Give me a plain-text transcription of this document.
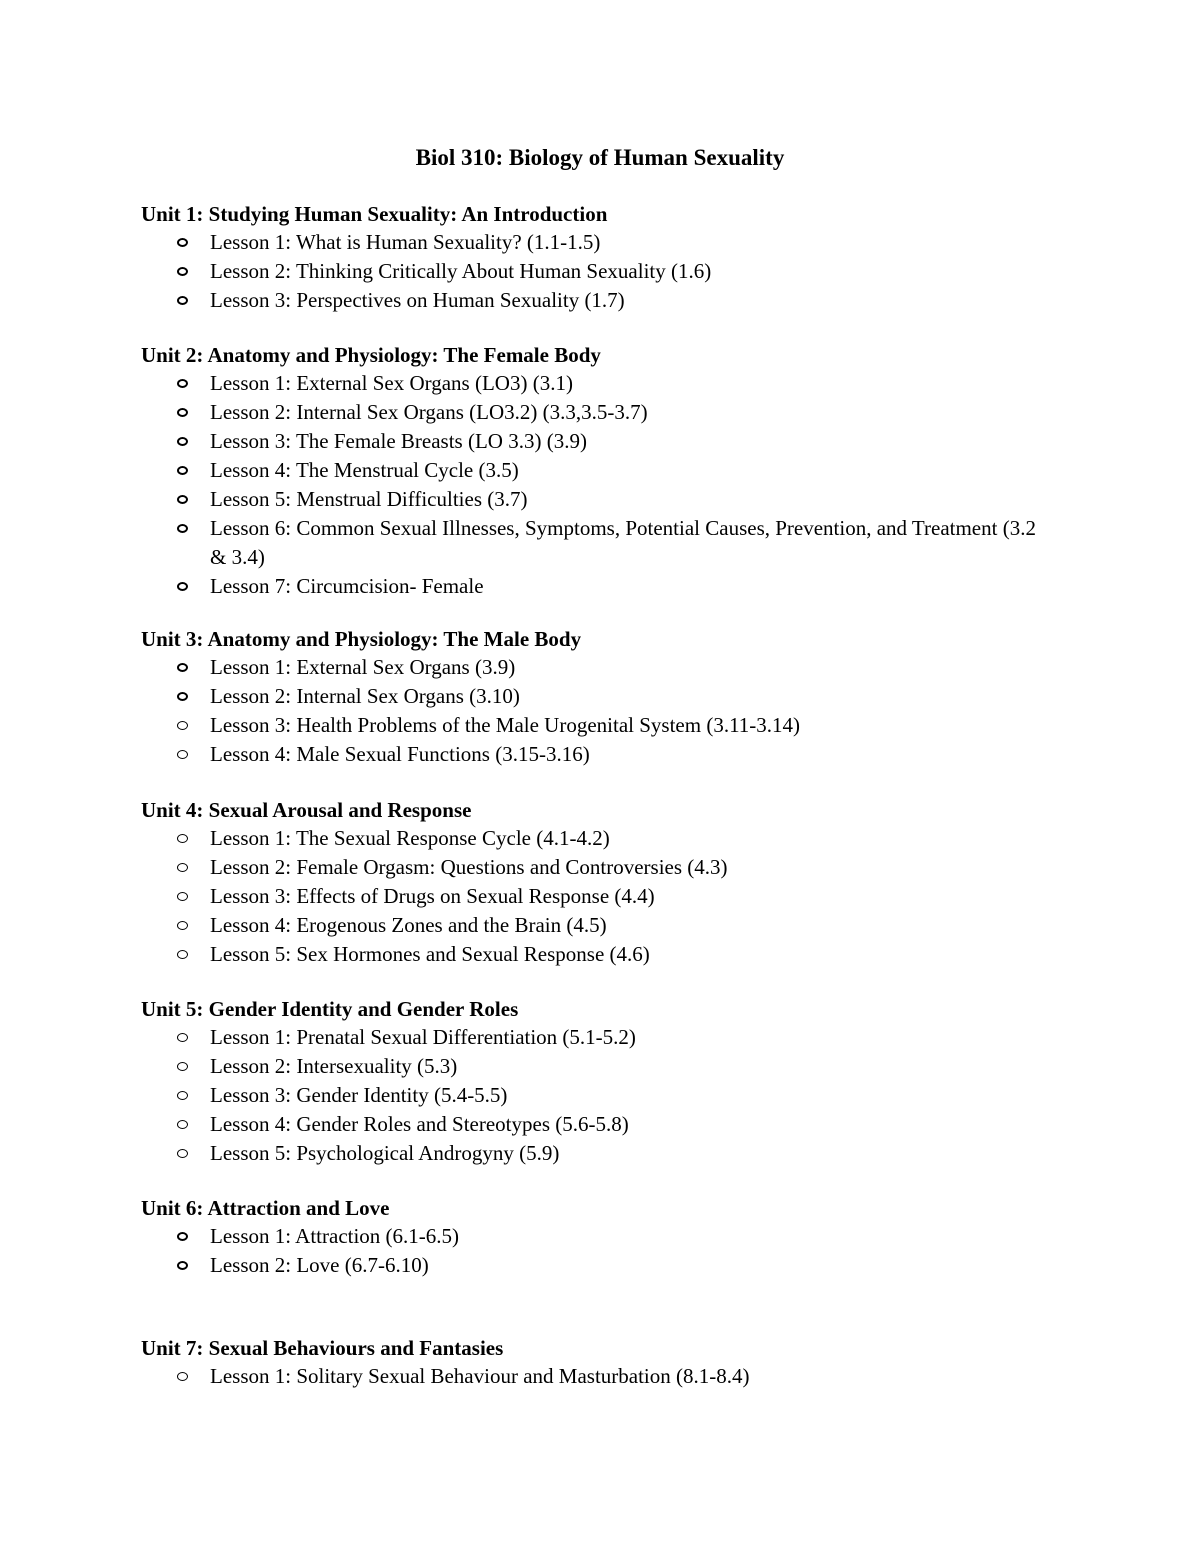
Biol 310: Biology of Human Sexuality
Unit 1: Studying Human Sexuality: An Introduction
Lesson 1: What is Human Sexuality? (1.1-1.5)
Lesson 2: Thinking Critically About Human Sexuality (1.6)
Lesson 3: Perspectives on Human Sexuality (1.7)
Unit 2: Anatomy and Physiology: The Female Body
Lesson 1: External Sex Organs (LO3) (3.1)
Lesson 2: Internal Sex Organs (LO3.2) (3.3,3.5-3.7)
Lesson 3: The Female Breasts (LO 3.3) (3.9)
Lesson 4: The Menstrual Cycle (3.5)
Lesson 5: Menstrual Difficulties (3.7)
Lesson 6: Common Sexual Illnesses, Symptoms, Potential Causes, Prevention, and Treatment (3.2 & 3.4)
Lesson 7: Circumcision- Female
Unit 3: Anatomy and Physiology: The Male Body
Lesson 1: External Sex Organs (3.9)
Lesson 2: Internal Sex Organs (3.10)
Lesson 3: Health Problems of the Male Urogenital System (3.11-3.14)
Lesson 4: Male Sexual Functions (3.15-3.16)
Unit 4: Sexual Arousal and Response
Lesson 1: The Sexual Response Cycle (4.1-4.2)
Lesson 2: Female Orgasm: Questions and Controversies (4.3)
Lesson 3: Effects of Drugs on Sexual Response (4.4)
Lesson 4: Erogenous Zones and the Brain (4.5)
Lesson 5: Sex Hormones and Sexual Response (4.6)
Unit 5: Gender Identity and Gender Roles
Lesson 1: Prenatal Sexual Differentiation (5.1-5.2)
Lesson 2: Intersexuality (5.3)
Lesson 3: Gender Identity (5.4-5.5)
Lesson 4: Gender Roles and Stereotypes (5.6-5.8)
Lesson 5: Psychological Androgyny (5.9)
Unit 6: Attraction and Love
Lesson 1: Attraction (6.1-6.5)
Lesson 2: Love (6.7-6.10)
Unit 7: Sexual Behaviours and Fantasies
Lesson 1: Solitary Sexual Behaviour and Masturbation (8.1-8.4)
